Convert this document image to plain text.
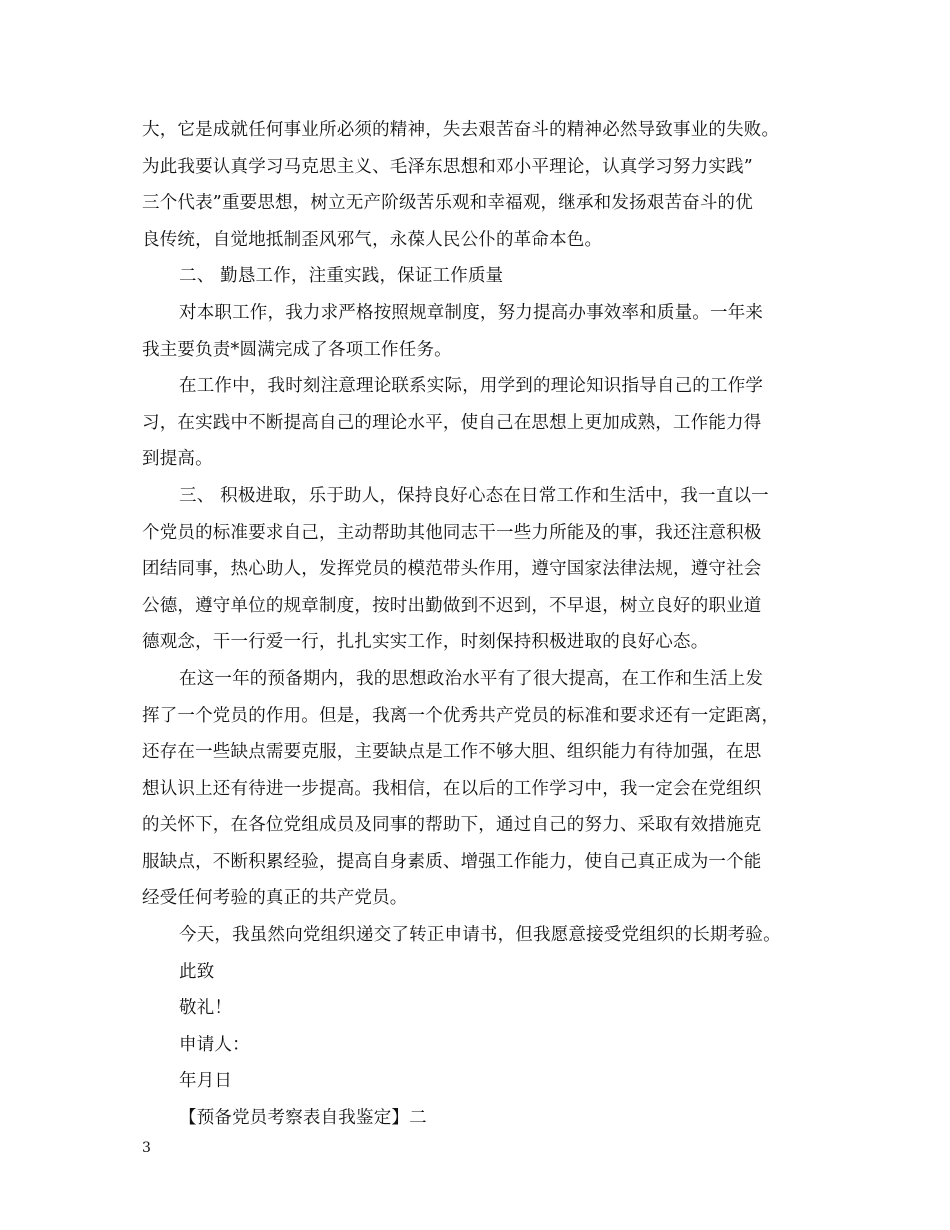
大，它是成就任何事业所必须的精神，失去艰苦奋斗的精神必然导致事业的失败。
为此我要认真学习马克思主义、毛泽东思想和邓小平理论，认真学习努力实践”
三个代表”重要思想，树立无产阶级苦乐观和幸福观，继承和发扬艰苦奋斗的优
良传统，自觉地抵制歪风邪气，永葆人民公仆的革命本色。
二、 勤恳工作，注重实践，保证工作质量
对本职工作，我力求严格按照规章制度，努力提高办事效率和质量。一年来
我主要负责*圆满完成了各项工作任务。
在工作中，我时刻注意理论联系实际，用学到的理论知识指导自己的工作学
习，在实践中不断提高自己的理论水平，使自己在思想上更加成熟，工作能力得
到提高。
三、 积极进取，乐于助人，保持良好心态在日常工作和生活中，我一直以一
个党员的标准要求自己，主动帮助其他同志干一些力所能及的事，我还注意积极
团结同事，热心助人，发挥党员的模范带头作用，遵守国家法律法规，遵守社会
公德，遵守单位的规章制度，按时出勤做到不迟到，不早退，树立良好的职业道
德观念，干一行爱一行，扎扎实实工作，时刻保持积极进取的良好心态。
在这一年的预备期内，我的思想政治水平有了很大提高，在工作和生活上发
挥了一个党员的作用。但是，我离一个优秀共产党员的标准和要求还有一定距离，
还存在一些缺点需要克服，主要缺点是工作不够大胆、组织能力有待加强，在思
想认识上还有待进一步提高。我相信，在以后的工作学习中，我一定会在党组织
的关怀下，在各位党组成员及同事的帮助下，通过自己的努力、采取有效措施克
服缺点，不断积累经验，提高自身素质、增强工作能力，使自己真正成为一个能
经受任何考验的真正的共产党员。
今天，我虽然向党组织递交了转正申请书，但我愿意接受党组织的长期考验。
此致
敬礼！
申请人：
年月日
【预备党员考察表自我鉴定】二
3
